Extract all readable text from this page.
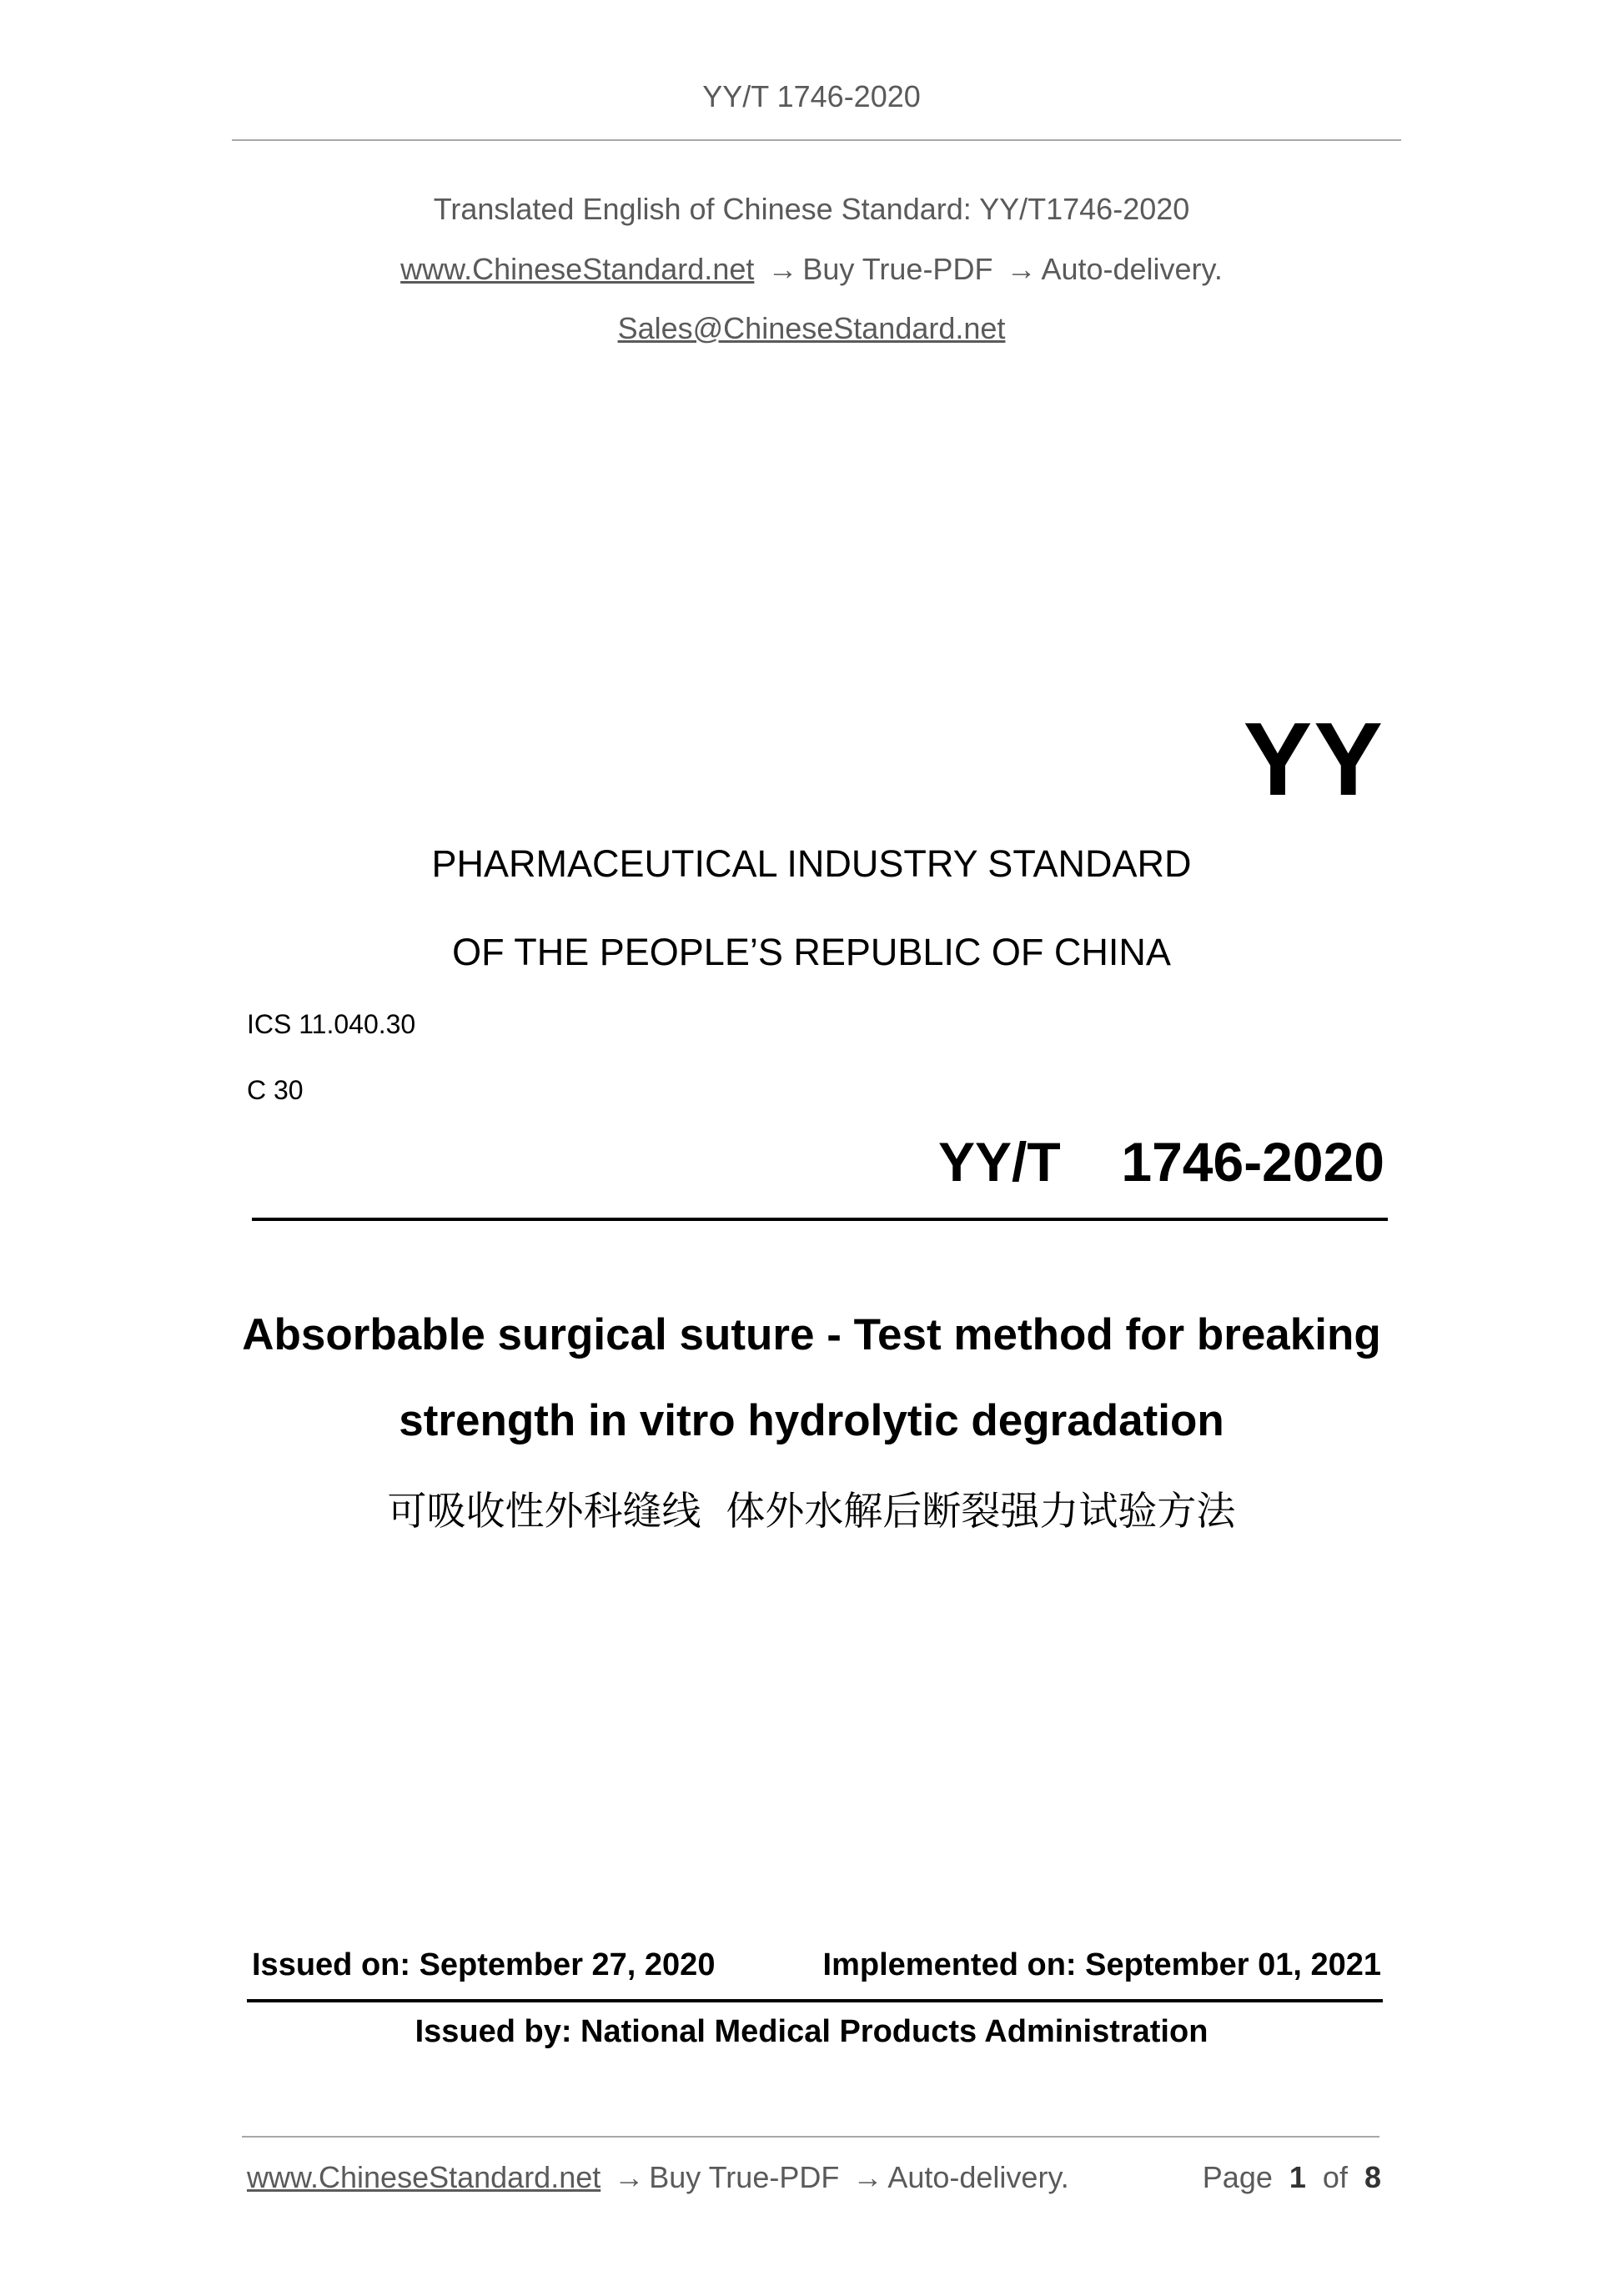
YY/T 1746-2020
Translated English of Chinese Standard: YY/T1746-2020
www.ChineseStandard.net → Buy True-PDF → Auto-delivery.
Sales@ChineseStandard.net
YY
PHARMACEUTICAL INDUSTRY STANDARD
OF THE PEOPLE’S REPUBLIC OF CHINA
ICS 11.040.30
C 30
YY/T  1746-2020
Absorbable surgical suture - Test method for breaking
strength in vitro hydrolytic degradation
可吸收性外科缝线  体外水解后断裂强力试验方法
Issued on: September 27, 2020	Implemented on: September 01, 2021
Issued by: National Medical Products Administration
www.ChineseStandard.net → Buy True-PDF → Auto-delivery.	Page 1 of 8
